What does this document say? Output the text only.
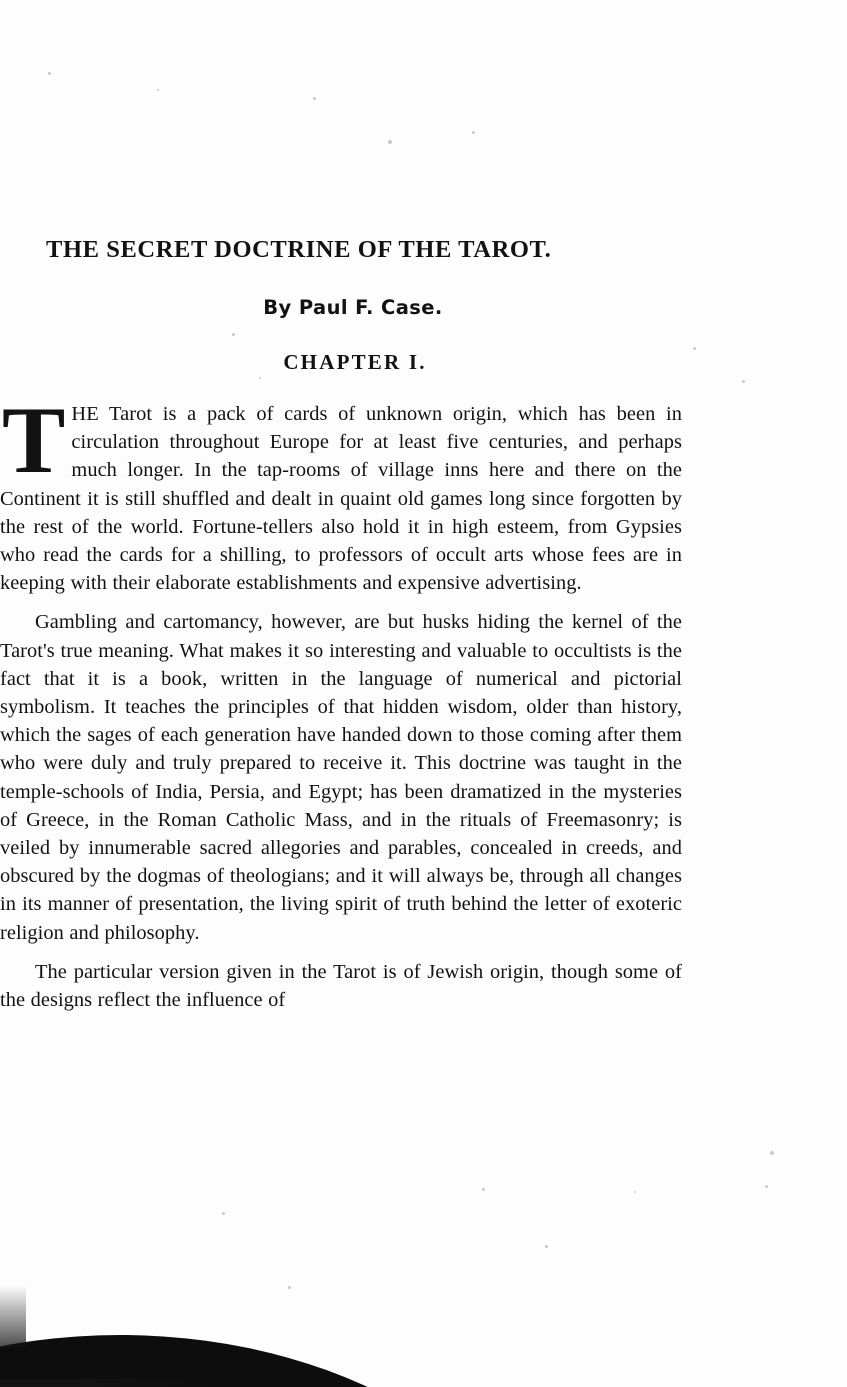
THE SECRET DOCTRINE OF THE TAROT.
By Paul F. Case.
CHAPTER I.

THE Tarot is a pack of cards of unknown origin, which has been in circulation throughout Europe for at least five centuries, and perhaps much longer. In the tap-rooms of village inns here and there on the Continent it is still shuffled and dealt in quaint old games long since forgotten by the rest of the world. Fortune-tellers also hold it in high esteem, from Gypsies who read the cards for a shilling, to professors of occult arts whose fees are in keeping with their elaborate establishments and expensive advertising.

Gambling and cartomancy, however, are but husks hiding the kernel of the Tarot's true meaning. What makes it so interesting and valuable to occultists is the fact that it is a book, written in the language of numerical and pictorial symbolism. It teaches the principles of that hidden wisdom, older than history, which the sages of each generation have handed down to those coming after them who were duly and truly prepared to receive it. This doctrine was taught in the temple-schools of India, Persia, and Egypt; has been dramatized in the mysteries of Greece, in the Roman Catholic Mass, and in the rituals of Freemasonry; is veiled by innumerable sacred allegories and parables, concealed in creeds, and obscured by the dogmas of theologians; and it will always be, through all changes in its manner of presentation, the living spirit of truth behind the letter of exoteric religion and philosophy.

The particular version given in the Tarot is of Jewish origin, though some of the designs reflect the influence of
